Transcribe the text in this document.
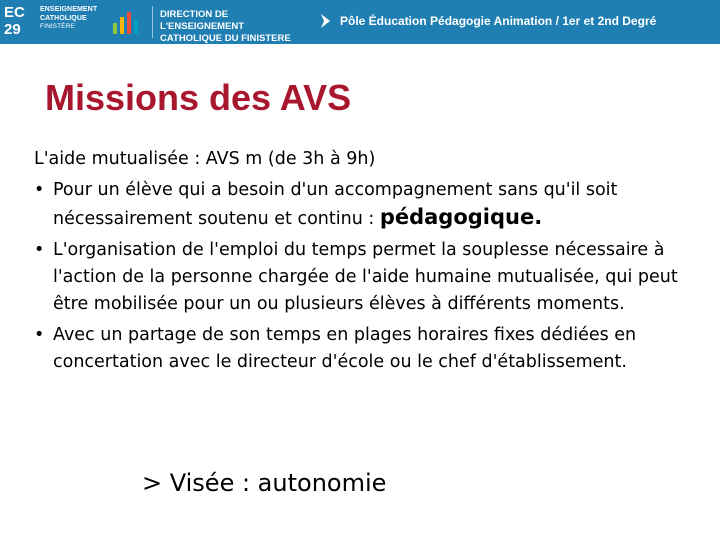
EC
29
ENSEIGNEMENT
CATHOLIQUE
FINISTÈRE
DIRECTION DE L'ENSEIGNEMENT
CATHOLIQUE DU FINISTERE
Pôle Éducation Pédagogie Animation / 1er et 2nd Degré
Missions des AVS

L'aide mutualisée : AVS m (de 3h à 9h)

• Pour un élève qui a besoin d'un accompagnement sans qu'il soit nécessairement soutenu et continu : pédagogique.
• L'organisation de l'emploi du temps permet la souplesse nécessaire à l'action de la personne chargée de l'aide humaine mutualisée, qui peut être mobilisée pour un ou plusieurs élèves à différents moments.
• Avec un partage de son temps en plages horaires fixes dédiées en concertation avec le directeur d'école ou le chef d'établissement.
> Visée : autonomie
